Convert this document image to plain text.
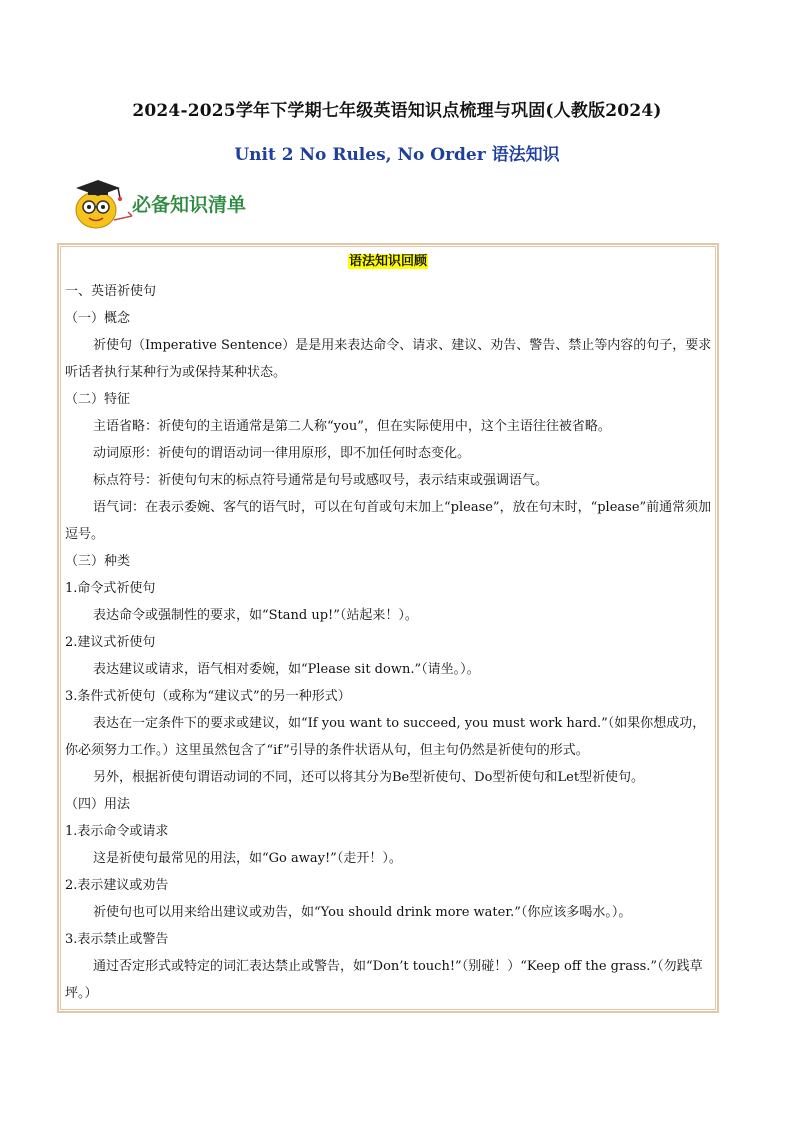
2024-2025学年下学期七年级英语知识点梳理与巩固(人教版2024)
Unit 2 No Rules, No Order 语法知识
必备知识清单
语法知识回顾
一、英语祈使句
（一）概念
祈使句（Imperative Sentence）是是用来表达命令、请求、建议、劝告、警告、禁止等内容的句子，要求听话者执行某种行为或保持某种状态。
（二）特征
主语省略：祈使句的主语通常是第二人称“you”，但在实际使用中，这个主语往往被省略。
动词原形：祈使句的谓语动词一律用原形，即不加任何时态变化。
标点符号：祈使句句末的标点符号通常是句号或感叹号，表示结束或强调语气。
语气词：在表示委婉、客气的语气时，可以在句首或句末加上“please”，放在句末时，“please”前通常须加逗号。
（三）种类
1.命令式祈使句
表达命令或强制性的要求，如“Stand up!”（站起来！）。
2.建议式祈使句
表达建议或请求，语气相对委婉，如“Please sit down.”（请坐。）。
3.条件式祈使句（或称为“建议式”的另一种形式）
表达在一定条件下的要求或建议，如“If you want to succeed, you must work hard.”（如果你想成功，你必须努力工作。）这里虽然包含了“if”引导的条件状语从句，但主句仍然是祈使句的形式。
另外，根据祈使句谓语动词的不同，还可以将其分为Be型祈使句、Do型祈使句和Let型祈使句。
（四）用法
1.表示命令或请求
这是祈使句最常见的用法，如“Go away!”（走开！）。
2.表示建议或劝告
祈使句也可以用来给出建议或劝告，如“You should drink more water.”（你应该多喝水。）。
3.表示禁止或警告
通过否定形式或特定的词汇表达禁止或警告，如“Don’t touch!”（别碰！）“Keep off the grass.”（勿践草坪。）
